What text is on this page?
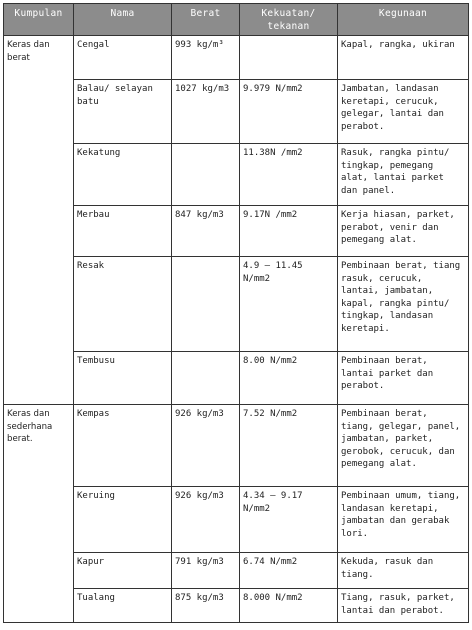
Kumpulan	Nama	Berat	Kekuatan/ tekanan	Kegunaan
Keras dan berat	Cengal	993 kg/m³		Kapal, rangka, ukiran
	Balau/ selayan batu	1027 kg/m3	9.979 N/mm2	Jambatan, landasan keretapi, cerucuk, gelegar, lantai dan perabot.
	Kekatung		11.38N /mm2	Rasuk, rangka pintu/ tingkap, pemegang alat, lantai parket dan panel.
	Merbau	847 kg/m3	9.17N /mm2	Kerja hiasan, parket, perabot, venir dan pemegang alat.
	Resak		4.9 – 11.45 N/mm2	Pembinaan berat, tiang rasuk, cerucuk, lantai, jambatan, kapal, rangka pintu/ tingkap, landasan keretapi.
	Tembusu		8.00 N/mm2	Pembinaan berat, lantai parket dan perabot.
Keras dan sederhana berat.	Kempas	926 kg/m3	7.52 N/mm2	Pembinaan berat, tiang, gelegar, panel, jambatan, parket, gerobok, cerucuk, dan pemegang alat.
	Keruing	926 kg/m3	4.34 – 9.17 N/mm2	Pembinaan umum, tiang, landasan keretapi, jambatan dan gerabak lori.
	Kapur	791 kg/m3	6.74 N/mm2	Kekuda, rasuk dan tiang.
	Tualang	875 kg/m3	8.000 N/mm2	Tiang, rasuk, parket, lantai dan perabot.
